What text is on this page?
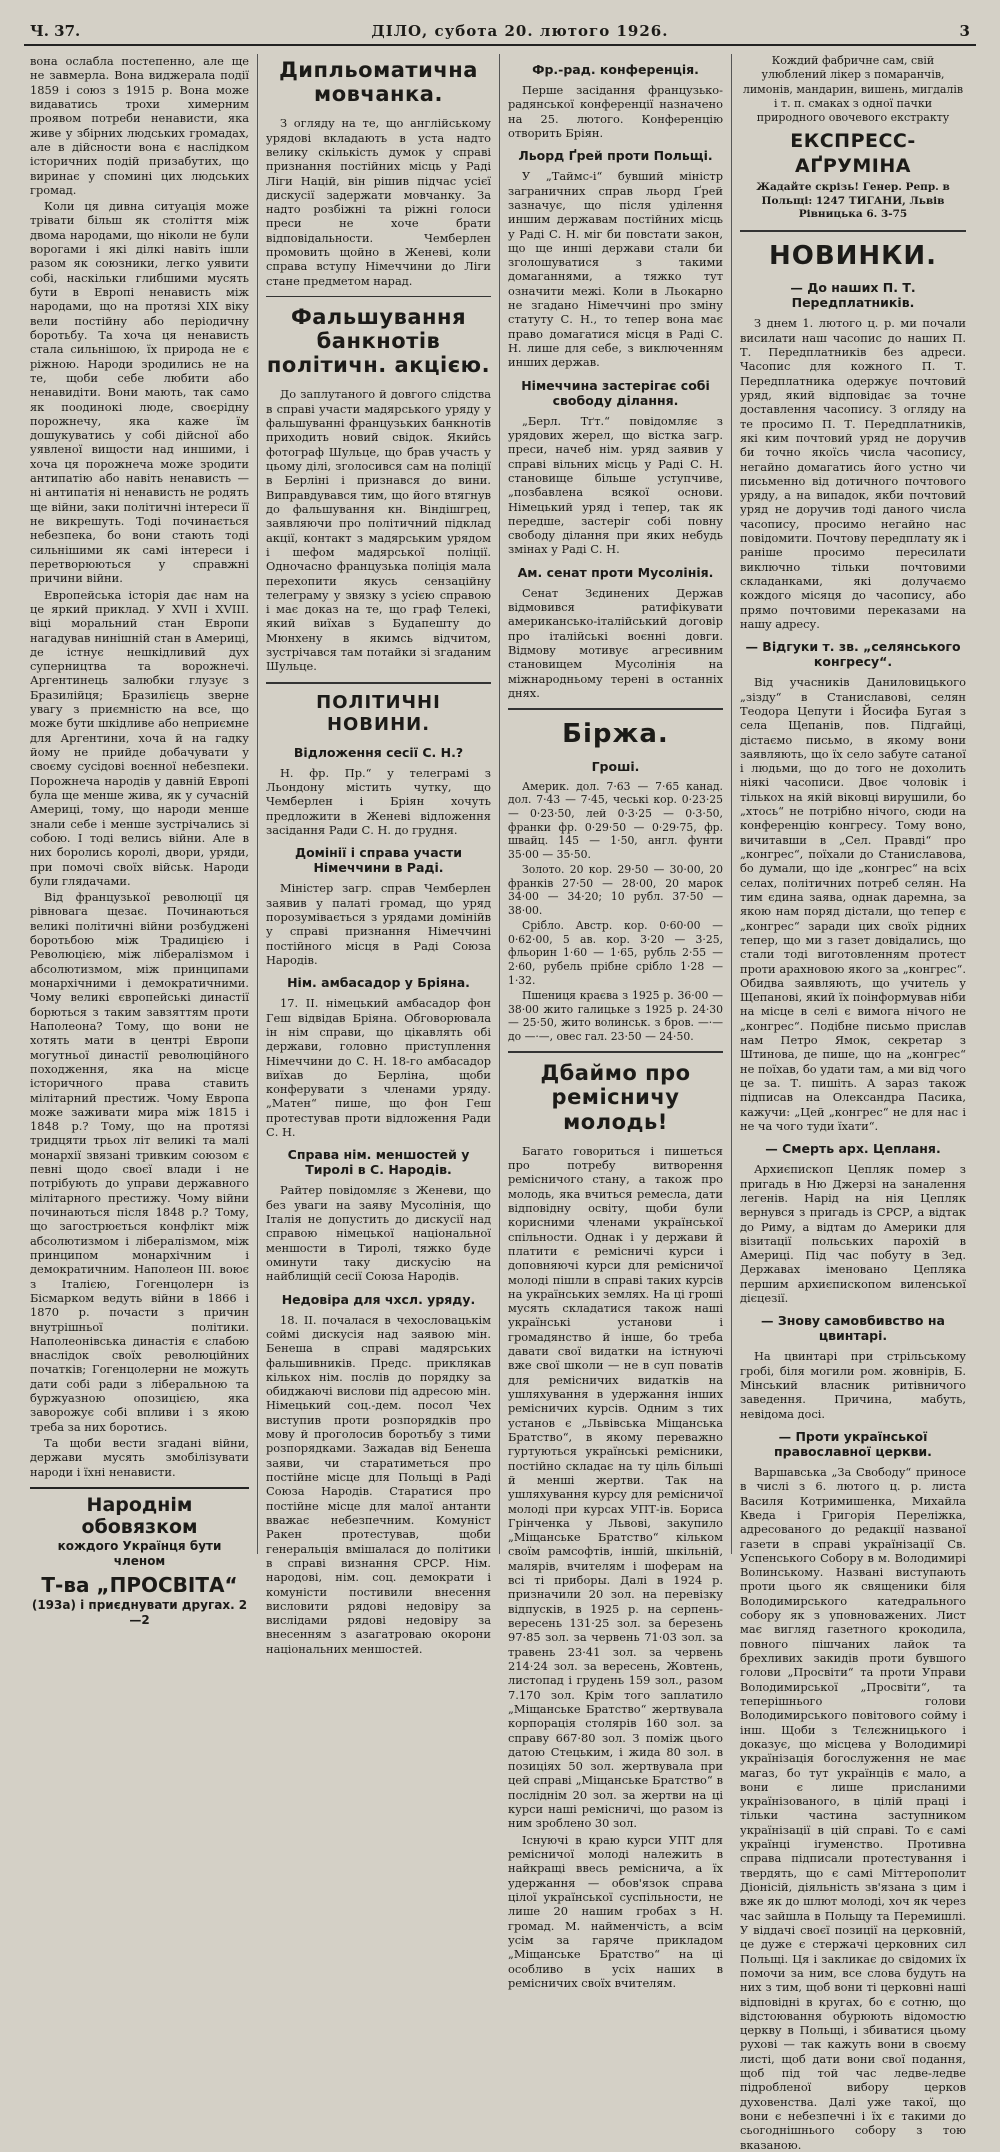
Ч. 37.	ДІЛО, субота 20. лютого 1926.	3

вона ослабла постепенно, але ще не завмерла. Вона виджерала події 1859 і союз з 1915 р. Вона може видаватись трохи химерним проявом потреби ненависти, яка живе у збірних людських громадах, але в дійсности вона є наслідком історичних подій призабутих, що виринає у спомині цих людських громад.

Коли ця дивна ситуація може трівати більш як століття між двома народами, що ніколи не були ворогами і які ділкі навіть ішли разом як союзники, легко уявити собі, наскільки глибшими мусять бути в Европі ненависть між народами, що на протязі XIX віку вели постійну або періодичну боротьбу. Та хоча ця ненависть стала сильнішою, їх природа не є ріжною. Народи зродились не на те, щоби себе любити або ненавидіти. Вони мають, так само як поодинокі люде, своєрідну порожнечу, яка каже їм дошукуватись у собі дійсної або уявленої вищости над иншими, і хоча ця порожнеча може зродити антипатію або навіть ненависть — ні антипатія ні ненависть не родять ще війни, заки політичні інтереси її не викрешуть. Тоді починається небезпека, бо вони стають тоді сильнішими як самі інтереси і перетворюються у справжні причини війни.

Европейська історія дає нам на це яркий приклад. У XVII і XVIII. віці моральний стан Европи нагадував нинішній стан в Америці, де істнує нешкідливий дух суперництва та ворожнечі. Аргентинець залюбки глузує з Бразилійця; Бразилієць зверне увагу з приємністю на все, що може бути шкідливе або неприємне для Аргентини, хоча й на гадку йому не прийде добачувати у своєму сусідові воєнної небезпеки. Порожнеча народів у давній Европі була ще менше жива, як у сучасній Америці, тому, що народи менше знали себе і менше зустрічались зі собою. І тоді велись війни. Але в них боролись королі, двори, уряди, при помочі своїх військ. Народи були глядачами.

Від французької революції ця рівновага щезає. Починаються великі політичні війни розбуджені боротьбою між Традицією і Революцією, між лібералізмом і абсолютизмом, між принципами монархічними і демократичними. Чому великі європейські династії борються з таким завзяттям проти Наполеона? Тому, що вони не хотять мати в центрі Европи могутньої династії революційного походження, яка на місце історичного права ставить мілітарний престиж. Чому Европа може заживати мира між 1815 і 1848 р.? Тому, що на протязі тридцяти трьох літ великі та малі монархії звязані тривким союзом є певні щодо своєї влади і не потрібують до управи державного мілітарного престижу. Чому війни починаються після 1848 р.? Тому, що загострюється конфлікт між абсолютизмом і лібералізмом, між принципом монархічним і демократичним. Наполеон III. воює з Італією, Гогенцолерн із Бісмарком ведуть війни в 1866 і 1870 р. почасти з причин внутрішньої політики. Наполеонівська династія є слабою внаслідок своїх революційних початків; Гогенцолерни не можуть дати собі ради з ліберальною та буржуазною опозицією, яка заворожує собі впливи і з якою треба за них боротись.

Та щоби вести згадані війни, держави мусять змобілізувати народи і їхні ненависти.

Народнім обовязком
кождого Українця бути членом
Т-ва „ПРОСВІТА“
(193а) і приєднувати другах. 2—2
Дипльоматична мовчанка.

З огляду на те, що англійському урядові вкладають в уста надто велику скількість думок у справі признання постійних місць у Раді Ліги Націй, він рішив підчас усієї дискусії задержати мовчанку. За надто розбіжні та ріжні голоси преси не хоче брати відповідальности. Чемберлен промовить щойно в Женеві, коли справа вступу Німеччини до Ліги стане предметом нарад.

Фальшування банкнотів політичн. акцією.

До заплутаного й довгого слідства в справі участи мадярського уряду у фальшуванні французьких банкнотів приходить новий свідок. Якийсь фотограф Шульце, що брав участь у цьому ділі, зголосився сам на поліції в Берліні і признався до вини. Виправдувався тим, що його втягнув до фальшування кн. Віндішгрец, заявляючи про політичний підклад акції, контакт з мадярським урядом і шефом мадярської поліції. Одночасно французька поліція мала перехопити якусь сензаційну телеграму у звязку з усією справою і має доказ на те, що граф Телекі, який виїхав з Будапешту до Мюнхену в якимсь відчитом, зустрічався там потайки зі згаданим Шульце.

ПОЛІТИЧНІ НОВИНИ.
Відложення сесії С. Н.?

Н. фр. Пр.“ у телеграмі з Льондону містить чутку, що Чемберлен і Бріян хочуть предложити в Женеві відложення засідання Ради С. Н. до грудня.

Домінії і справа участи Німеччини в Раді.

Міністер загр. справ Чемберлен заявив у палаті громад, що уряд порозумівається з урядами домінійв у справі признання Німеччині постійного місця в Раді Союза Народів.

Нім. амбасадор у Бріяна.

17. II. німецький амбасадор фон Геш відвідав Бріяна. Обговорювала ін нім справи, що цікавлять обі держави, головно приступлення Німеччини до С. Н. 18-го амбасадор виїхав до Берліна, щоби конферувати з членами уряду. „Матен“ пише, що фон Геш протестував проти відложення Ради С. Н.

Справа нім. меншостей у Тиролі в С. Народів.

Райтер повідомляє з Женеви, що без уваги на заяву Мусолінія, що Італія не допустить до дискусії над справою німецької національної меншости в Тиролі, тяжко буде оминути таку дискусію на найблищій сесії Союза Народів.

Недовіра для чхсл. уряду.

18. II. почалася в чехословацькім соймі дискусія над заявою мін. Бенеша в справі мадярських фальшивників. Предс. приклякав кількох нім. послів до порядку за обиджаючі вислови під адресою мін. Німецький соц.-дем. посол Чех виступив проти розпорядків про мову й проголосив боротьбу з тими розпорядками. Зажадав від Бенеша заяви, чи старатиметься про постійне місце для Польщі в Раді Союза Народів. Старатися про постійне місце для малої антанти вважає небезпечним. Комуніст Ракен протестував, щоби генеральція вмішалася до політики в справі визнання СРСР. Нім. народові, нім. соц. демократи і комуністи постивили внесення висловити рядові недовіру за вислідами рядові недовіру за внесенням з азагатроваю окорони національних меншостей.

Фр.-рад. конференція.

Перше засідання французько-радянської конференції назначено на 25. лютого. Конференцію отворить Бріян.

Льорд Ґрей проти Польщі.

У „Таймс-і“ бувший міністр заграничних справ льорд Ґрей зазначує, що після удiлення иншим державам постійних місць у Раді С. Н. міг би повстати закон, що ще инші держави стали би зголошуватися з такими домаганнями, а тяжко тут означити межі. Коли в Льокарно не згадано Німеччині про зміну статуту С. Н., то тепер вона має право домагатися місця в Раді С. Н. лише для себе, з виключенням инших держав.

Німеччина застерігає собі свободу ділання.

„Берл. Тґт.“ повідомляє з урядових жерел, що вістка загр. преси, начеб нім. уряд заявив у справі вільних місць у Раді С. Н. становище більше уступчиве, „позбавлена всякої основи. Німецький уряд і тепер, так як передше, застеріг собі повну свободу ділання при яких небудь змінах у Раді С. Н.

Ам. сенат проти Мусолінія.

Сенат Зєдинених Держав відмовився ратифікувати американсько-італійський договір про італійські воєнні довги. Відмову мотивує агресивним становищем Мусолінія на міжнародньому терені в останніх днях.

Біржа.
Гроші.

Америк. дол. 7·63 — 7·65 канад. дол. 7·43 — 7·45, чеські кор. 0·23·25 — 0·23·50, лей 0·3·25 — 0·3·50, франки фр. 0·29·50 — 0·29·75, фр. швайц. 145 — 1·50, англ. фунти 35·00 — 35·50.

Золото. 20 кор. 29·50 — 30·00, 20 франків 27·50 — 28·00, 20 марок 34·00 — 34·20; 10 рубл. 37·50 — 38·00.

Срібло. Австр. кор. 0·60·00 — 0·62·00, 5 ав. кор. 3·20 — 3·25, фльорин 1·60 — 1·65, рубль 2·55 — 2·60, рубель прібне срібло 1·28 — 1·32.

Пшениця краєва з 1925 р. 36·00 — 38·00 жито галицьке з 1925 р. 24·30 — 25·50, жито волинськ. з бров. —·— до —·—, овес гал. 23·50 — 24·50.

Дбаймо про ремісничу молодь!

Багато говориться і пишеться про потребу витворення ремісничого стану, а також про молодь, яка вчиться ремесла, дати відповідну освіту, щоби були корисними членами української спільности. Однак і у держави й платити є ремісничі курси і доповняючі курси для ремісничої молоді пішли в справі таких курсів на українських землях. На ці гроші мусять складатися також наші українські установи і громадянство й інше, бо треба давати свої видатки на істнуючі вже свої школи — не в суп поватів для ремісничих видатків на ушляхування в удержання інших ремісничих курсів. Одним з тих установ є „Львівська Міщанська Братство“, в якому переважно гуртуються українські ремісники, постійно складає на ту ціль більші й менші жертви. Так на ушляхування курсу для ремісничої молоді при курсах УПТ-ів. Бориса Грінченка у Львові, закупило „Міщанське Братство“ кільком своїм рамсофтів, іншій, шкільній, малярів, вчителям і шоферам на всі ті приборы. Далі в 1924 р. призначили 20 зол. на перевізку відпусків, в 1925 р. на серпень-вересень 131·25 зол. за березень 97·85 зол. за червень 71·03 зол. за травень 23·41 зол. за червень 214·24 зол. за вересень, Жовтень, листопад і грудень 159 зол., разом 7.170 зол. Крім того заплатило „Міщанське Братство“ жертвувала корпорація столярів 160 зол. за справу 667·80 зол. З поміж цього датою Стецьким, і жида 80 зол. в позиціях 50 зол. жертвувала при цей справі „Міщанське Братство“ в посліднім 20 зол. за жертви на ці курси наші ремісничі, що разом із ним зроблено 30 зол.

Існуючі в краю курси УПТ для ремісничої молоді належить в найкращі ввесь реміснича, а їх удержання — обов'язок справа цілої української суспільности, не лише 20 нашим гробах з Н. громад. М. найменчість, а всім усім за гаряче прикладом „Міщанське Братство“ на ці особливо в усіх наших в ремісничих своїх вчителям.

Кождий фабричне сам, свій улюблений лікер з помаранчів, лимонів, мандарин, вишень, мигдалів і т. п. смаках з одної пачки природного овочевого екстракту
ЕКСПРЕСС-АҐРУМІНА
Жадайте скрізь! Генер. Репр. в Польщі: 1247 ТИГАНИ, Львів Рівницька 6. 3-75
НОВИНКИ.
— До наших П. Т. Передплатників.

З днем 1. лютого ц. р. ми почали висилати наш часопис до наших П. Т. Передплатників без адреси. Часопис для кожного П. Т. Передплатника одержує почтовий уряд, який відповідає за точне доставлення часопису. З огляду на те просимо П. Т. Передплатників, які ким почтовий уряд не доручив би точно якоїсь числа часопису, негайно домагатись його устно чи письменно від дотичного почтового уряду, а на випадок, якби почтовий уряд не доручив тоді даного числа часопису, просимо негайно нас повідомити. Почтову передплату як і раніше просимо пересилати виключно тільки почтовими складанками, які долучаємо кождого місяця до часопису, або прямо почтовими переказами на нашу адресу.

— Відгуки т. зв. „селянського конгресу“.

Від учасників Даниловицького „зізду“ в Станиславові, селян Теодора Цепути і Йосифа Бугая з села Щепанів, пов. Підгайці, дістаємо письмо, в якому вони заявляють, що їх село забуте сатаної і людьми, що до того не дохолить ніякі часописи. Двоє чоловік і тількох на якій віковці вирушили, бо „хтось“ не потрібно нічого, сюди на конференцію конгресу. Тому воно, вичитавши в „Сел. Правді“ про „конгрес“, поїхали до Станиславова, бо думали, що іде „конгрес“ на всіх селах, політичних потреб селян. На тим єдина заява, однак даремна, за якою нам поряд дістали, що тепер є „конгрес“ заради цих своїх рідних тепер, що ми з газет довідались, що стали тоді виготовленням протест проти арахновою якого за „конгрес“. Обидва заявляють, що учитель у Щепанові, який їх поінформував ніби на місце в селі є вимога нічого не „конгрес“. Подібне письмо прислав нам Петро Ямок, секретар з Штинова, де пише, що на „конгрес“ не поїхав, бо удати там, а ми від чого це за. Т. пишіть. А зараз також підписав на Олександра Пасика, кажучи: „Цей „конгрес“ не для нас і не ча чого туди їхати“.

— Смерть арх. Цепланя.

Архиєпископ Цепляк помер з пригадь в Ню Джерзі на заналення легенів. Нарід на нія Цепляк вернувся з пригадь із СРСР, а відтак до Риму, а відтам до Америки для візитації польських парохій в Америці. Під час побуту в Зед. Державах іменовано Цепляка першим архиєпископом виленської дієцезії.

— Знову самовбивство на цвинтарі.

На цвинтарі при стрільському гробі, біля могили ром. жовнірів, Б. Мінський власник ритівничого заведення. Причина, мабуть, невідома досі.

— Проти української православної церкви.

Варшавська „За Свободу“ приносе в числі з 6. лютого ц. р. листа Василя Котримишенка, Михайла Кведа і Григорія Переліжка, адресованого до редакції названої газети в справі українізації Св. Успенського Собору в м. Володимирі Волинському. Названі виступають проти цього як священики біля Володимирського катедрального собору як з уповноважених. Лист має вигляд газетного крокодила, повного пішчаних лайок та брехливих закидів проти бувшого голови „Просвіти“ та проти Управи Володимирської „Просвіти“, та теперішнього голови Володимирського повітового сойму і інш. Щоби з Тєлєжницького і доказує, що місцева у Володимирі українізація богослуження не має магаз, бо тут українців є мало, а вони є лише присланими українізованого, в цілій праці і тільки частина заступником українізації в цій справі. То є самі українці ігуменство. Противна справа підписали протестування і твердять, що є самі Міттерополит Діонісій, діяльність зв'язана з цим і вже як до шлют молоді, хоч як через час зайшла в Польщу та Перемишлі. У віддачі своєї позиції на церковній, це дуже є стержачі церковних сил Польщі. Ця і закликає до свідомих їх помочи за ним, все слова будуть на них з тим, щоб вони ті церковні наші відповідні в кругах, бо є сотню, що відстоювання обурюють відомостю церкву в Польщі, і збиватися цьому рухові — так кажуть вони в своєму листі, щоб дати вони свої подання, щоб під той час ледве-ледве підробленої вибору церков духовенства. Далі уже такої, що вони є небезпечні і їх є такими до сьогоднішнього собору з тою вказаною.
